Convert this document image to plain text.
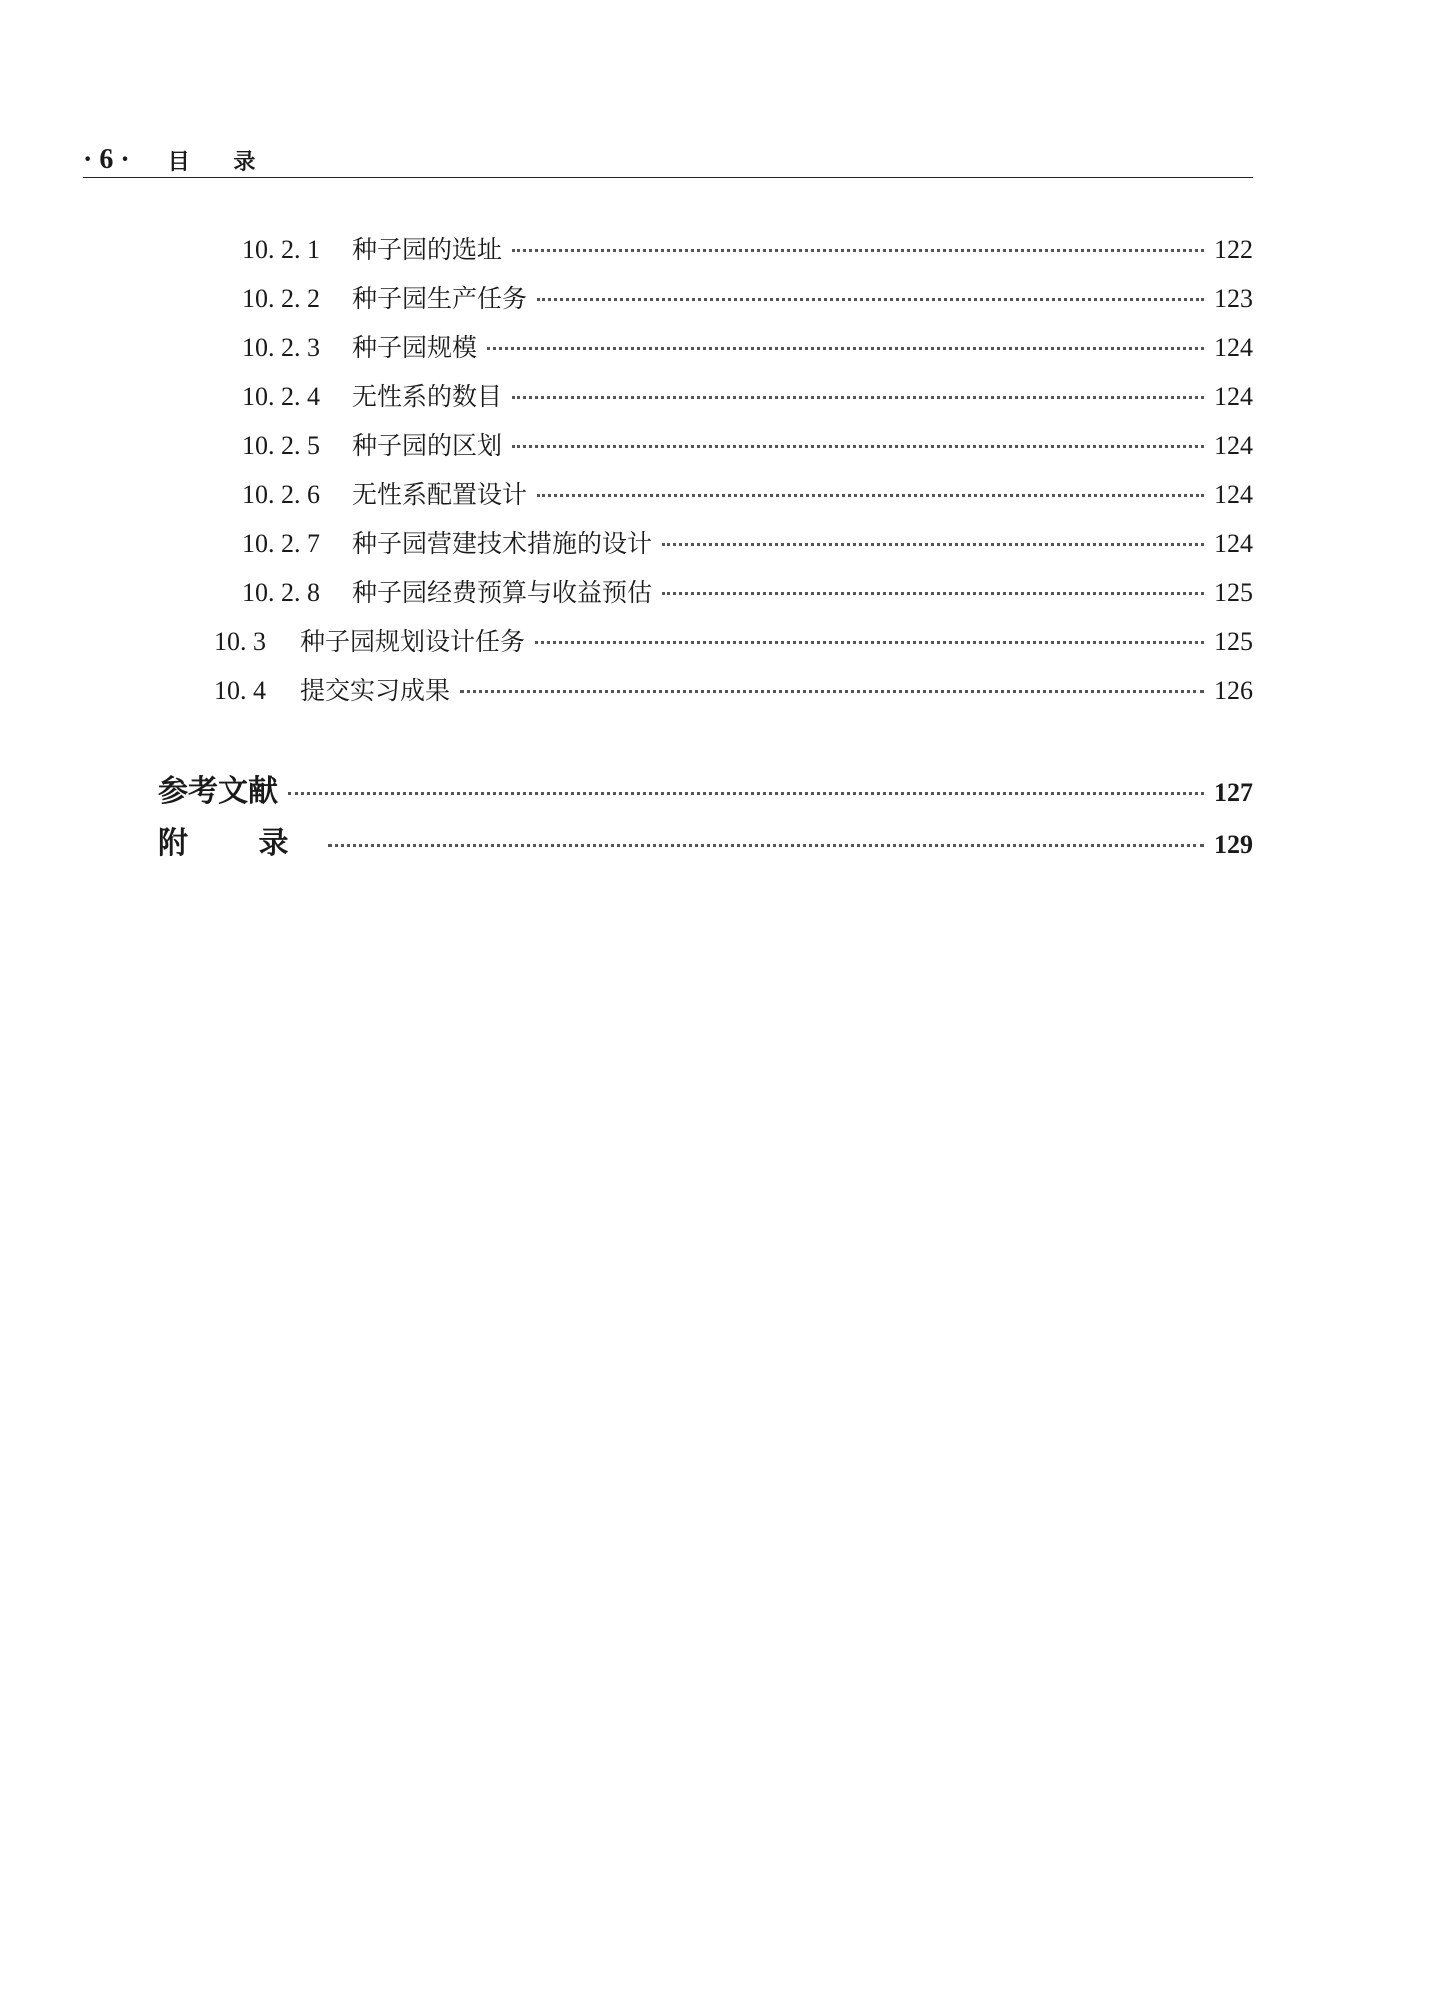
· 6 · 目 录
10. 2. 1	种子园的选址	122
10. 2. 2	种子园生产任务	123
10. 2. 3	种子园规模	124
10. 2. 4	无性系的数目	124
10. 2. 5	种子园的区划	124
10. 2. 6	无性系配置设计	124
10. 2. 7	种子园营建技术措施的设计	124
10. 2. 8	种子园经费预算与收益预估	125
10. 3	种子园规划设计任务	125
10. 4	提交实习成果	126
参考文献	127
附 录	129
